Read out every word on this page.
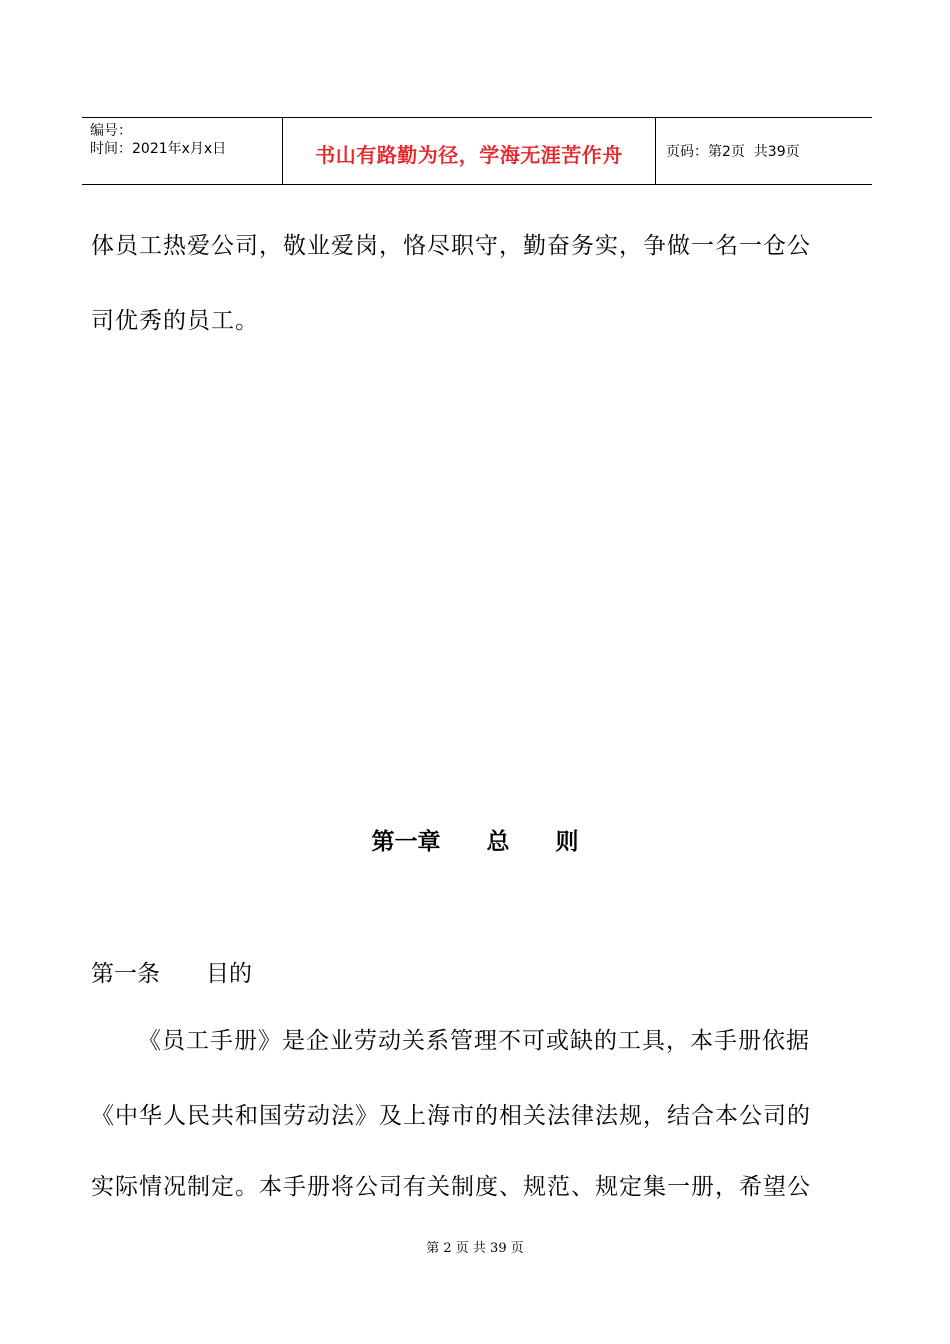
编号：
时间：2021年x月x日	书山有路勤为径，学海无涯苦作舟	页码：第2页  共39页
体员工热爱公司，敬业爱岗，恪尽职守，勤奋务实，争做一名一仓公
司优秀的员工。
第一章　　总　　则
第一条　　目的
《员工手册》是企业劳动关系管理不可或缺的工具，本手册依据
《中华人民共和国劳动法》及上海市的相关法律法规，结合本公司的
实际情况制定。本手册将公司有关制度、规范、规定集一册，希望公
第 2 页 共 39 页
